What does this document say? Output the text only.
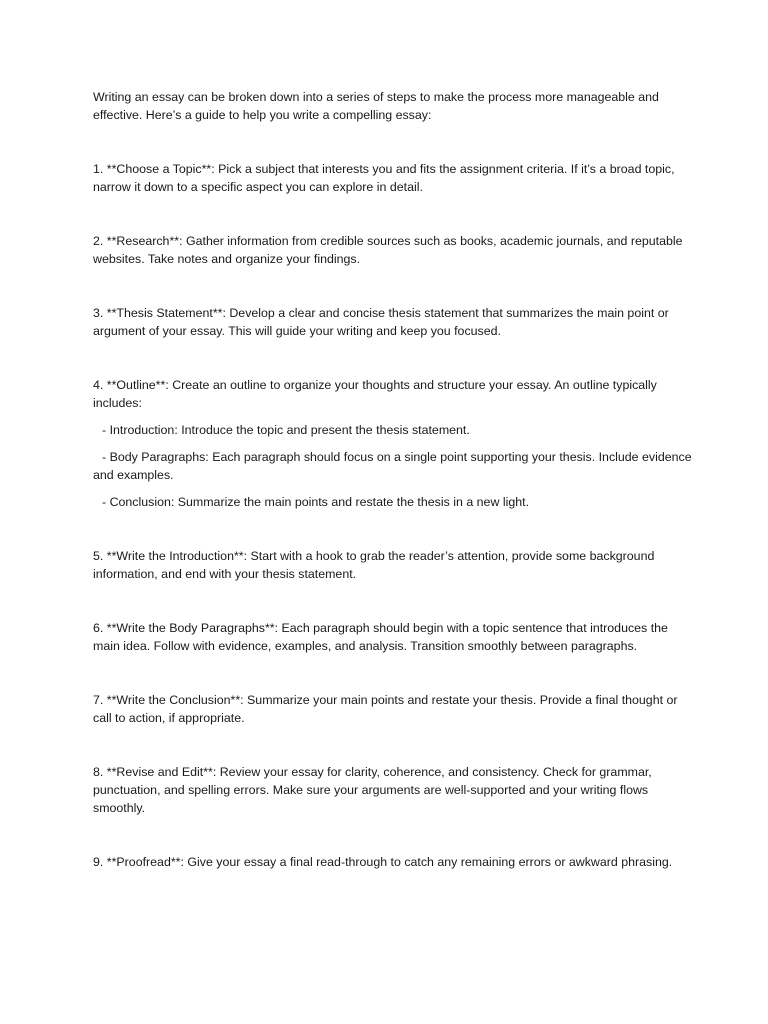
Writing an essay can be broken down into a series of steps to make the process more manageable and effective. Here’s a guide to help you write a compelling essay:

1. **Choose a Topic**: Pick a subject that interests you and fits the assignment criteria. If it’s a broad topic, narrow it down to a specific aspect you can explore in detail.

2. **Research**: Gather information from credible sources such as books, academic journals, and reputable websites. Take notes and organize your findings.

3. **Thesis Statement**: Develop a clear and concise thesis statement that summarizes the main point or argument of your essay. This will guide your writing and keep you focused.

4. **Outline**: Create an outline to organize your thoughts and structure your essay. An outline typically includes:

- Introduction: Introduce the topic and present the thesis statement.

- Body Paragraphs: Each paragraph should focus on a single point supporting your thesis. Include evidence and examples.

- Conclusion: Summarize the main points and restate the thesis in a new light.

5. **Write the Introduction**: Start with a hook to grab the reader’s attention, provide some background information, and end with your thesis statement.

6. **Write the Body Paragraphs**: Each paragraph should begin with a topic sentence that introduces the main idea. Follow with evidence, examples, and analysis. Transition smoothly between paragraphs.

7. **Write the Conclusion**: Summarize your main points and restate your thesis. Provide a final thought or call to action, if appropriate.

8. **Revise and Edit**: Review your essay for clarity, coherence, and consistency. Check for grammar, punctuation, and spelling errors. Make sure your arguments are well-supported and your writing flows smoothly.

9. **Proofread**: Give your essay a final read-through to catch any remaining errors or awkward phrasing.
